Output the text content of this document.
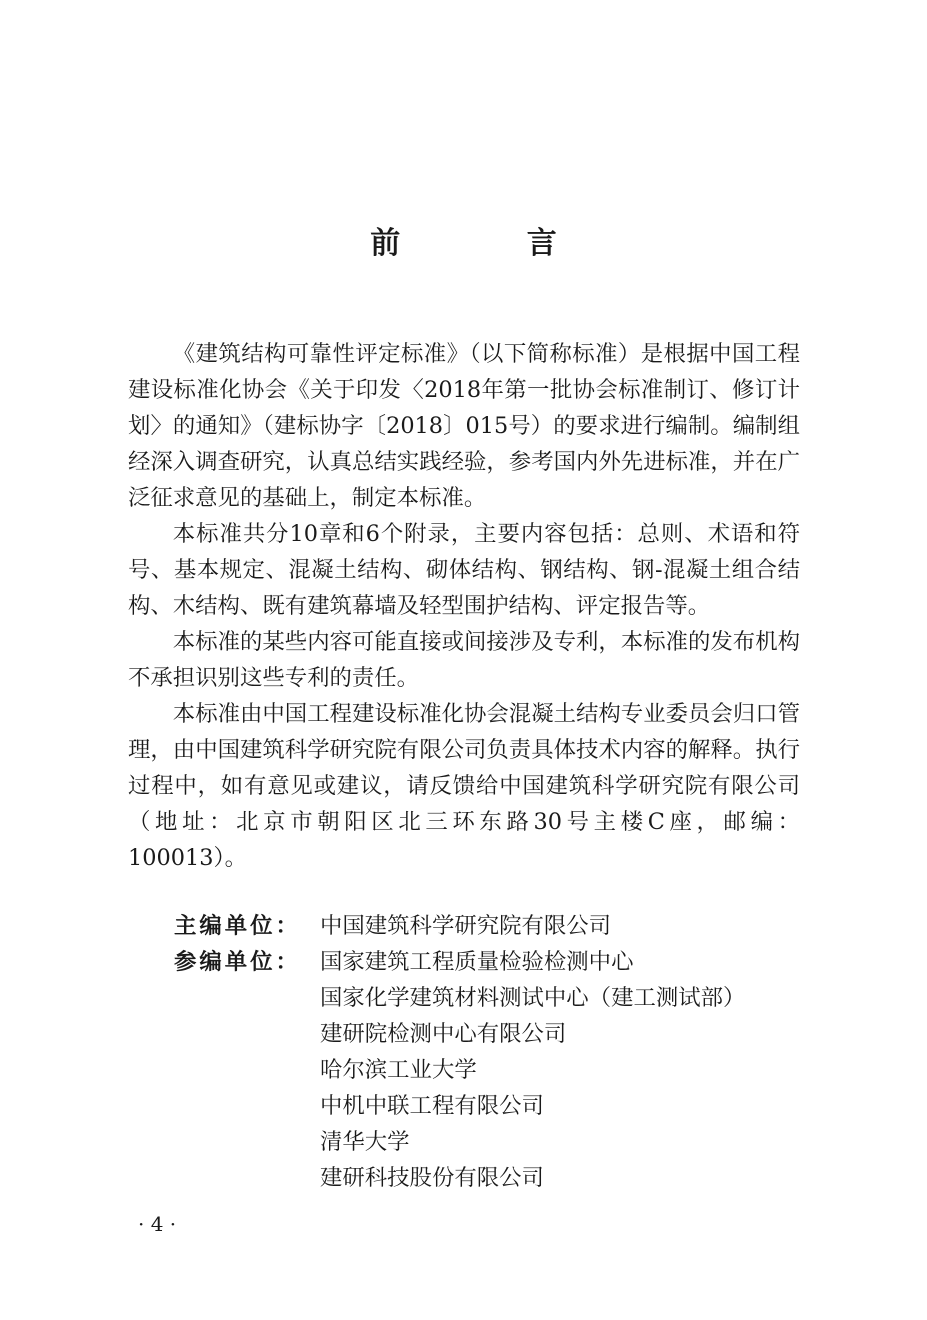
前 言

《建筑结构可靠性评定标准》（以下简称标准）是根据中国工程建设标准化协会《关于印发〈2018年第一批协会标准制订、修订计划〉的通知》（建标协字〔2018〕015号）的要求进行编制。编制组经深入调查研究，认真总结实践经验，参考国内外先进标准，并在广泛征求意见的基础上，制定本标准。

本标准共分10章和6个附录，主要内容包括：总则、术语和符号、基本规定、混凝土结构、砌体结构、钢结构、钢-混凝土组合结构、木结构、既有建筑幕墙及轻型围护结构、评定报告等。

本标准的某些内容可能直接或间接涉及专利，本标准的发布机构不承担识别这些专利的责任。

本标准由中国工程建设标准化协会混凝土结构专业委员会归口管理，由中国建筑科学研究院有限公司负责具体技术内容的解释。执行过程中，如有意见或建议，请反馈给中国建筑科学研究院有限公司（地址：北京市朝阳区北三环东路30号主楼C座，邮编：100013）。

主编单位： 中国建筑科学研究院有限公司
参编单位： 国家建筑工程质量检验检测中心
国家化学建筑材料测试中心（建工测试部）
建研院检测中心有限公司
哈尔滨工业大学
中机中联工程有限公司
清华大学
建研科技股份有限公司
· 4 ·
